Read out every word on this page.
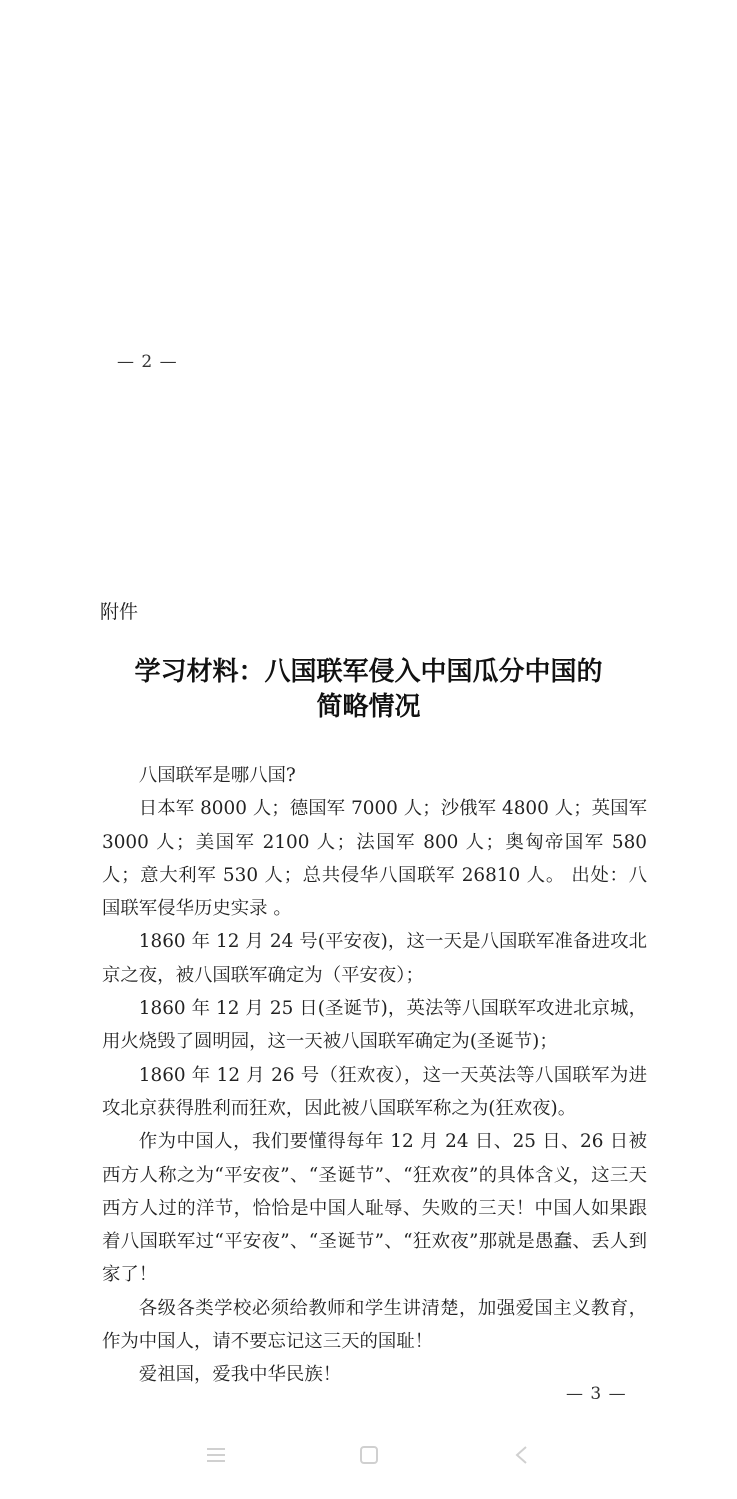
— 2 —
附件
学习材料：八国联军侵入中国瓜分中国的
简略情况

八国联军是哪八国?

日本军 8000 人；德国军 7000 人；沙俄军 4800 人；英国军 3000 人；美国军 2100 人；法国军 800 人；奥匈帝国军 580 人；意大利军 530 人；总共侵华八国联军 26810 人。 出处：八国联军侵华历史实录 。

1860 年 12 月 24 号(平安夜)，这一天是八国联军准备进攻北京之夜，被八国联军确定为（平安夜）；

1860 年 12 月 25 日(圣诞节)，英法等八国联军攻进北京城，用火烧毁了圆明园，这一天被八国联军确定为(圣诞节)；

1860 年 12 月 26 号（狂欢夜），这一天英法等八国联军为进攻北京获得胜利而狂欢，因此被八国联军称之为(狂欢夜)。

作为中国人，我们要懂得每年 12 月 24 日、25 日、26 日被西方人称之为“平安夜”、“圣诞节”、“狂欢夜”的具体含义，这三天西方人过的洋节，恰恰是中国人耻辱、失败的三天！中国人如果跟着八国联军过“平安夜”、“圣诞节”、“狂欢夜”那就是愚蠢、丢人到家了！

各级各类学校必须给教师和学生讲清楚，加强爱国主义教育，作为中国人，请不要忘记这三天的国耻！

爱祖国，爱我中华民族！

— 3 —
